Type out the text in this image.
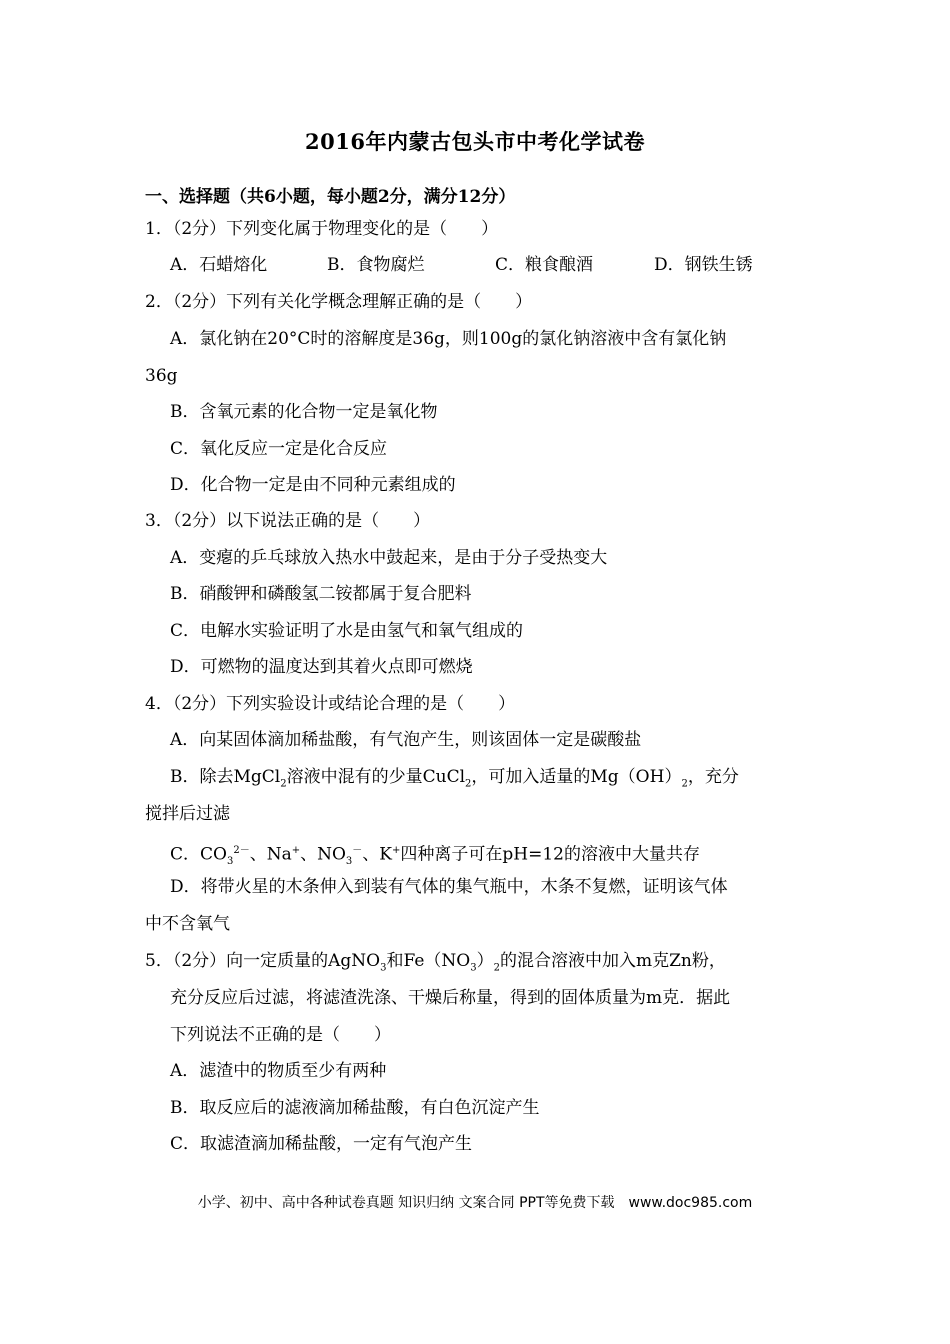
2016年内蒙古包头市中考化学试卷
一、选择题（共6小题，每小题2分，满分12分）
1．（2分）下列变化属于物理变化的是（　　）
A．石蜡熔化	B．食物腐烂	C．粮食酿酒	D．钢铁生锈
2．（2分）下列有关化学概念理解正确的是（　　）
A．氯化钠在20°C时的溶解度是36g，则100g的氯化钠溶液中含有氯化钠
36g
B．含氧元素的化合物一定是氧化物
C．氧化反应一定是化合反应
D．化合物一定是由不同种元素组成的
3．（2分）以下说法正确的是（　　）
A．变瘪的乒乓球放入热水中鼓起来，是由于分子受热变大
B．硝酸钾和磷酸氢二铵都属于复合肥料
C．电解水实验证明了水是由氢气和氧气组成的
D．可燃物的温度达到其着火点即可燃烧
4．（2分）下列实验设计或结论合理的是（　　）
A．向某固体滴加稀盐酸，有气泡产生，则该固体一定是碳酸盐
B．除去MgCl$_2$溶液中混有的少量CuCl$_2$，可加入适量的$Mg(OH)_2$，充分
搅拌后过滤
C．$CO_3^{2-}$、Na+、$NO_3^-$、K+四种离子可在pH=12的溶液中大量共存
D．将带火星的木条伸入到装有气体的集气瓶中，木条不复燃，证明该气体
中不含氧气
5．（2分）向一定质量的AgNO$_3$和$Fe(NO_3)_2$的混合溶液中加入m克Zn粉，
充分反应后过滤，将滤渣洗涤、干燥后称量，得到的固体质量为m克．据此
下列说法不正确的是（　　）
A．滤渣中的物质至少有两种
B．取反应后的滤液滴加稀盐酸，有白色沉淀产生
C．取滤渣滴加稀盐酸，一定有气泡产生
小学、初中、高中各种试卷真题 知识归纳 文案合同 PPT等免费下载　www.doc985.com
